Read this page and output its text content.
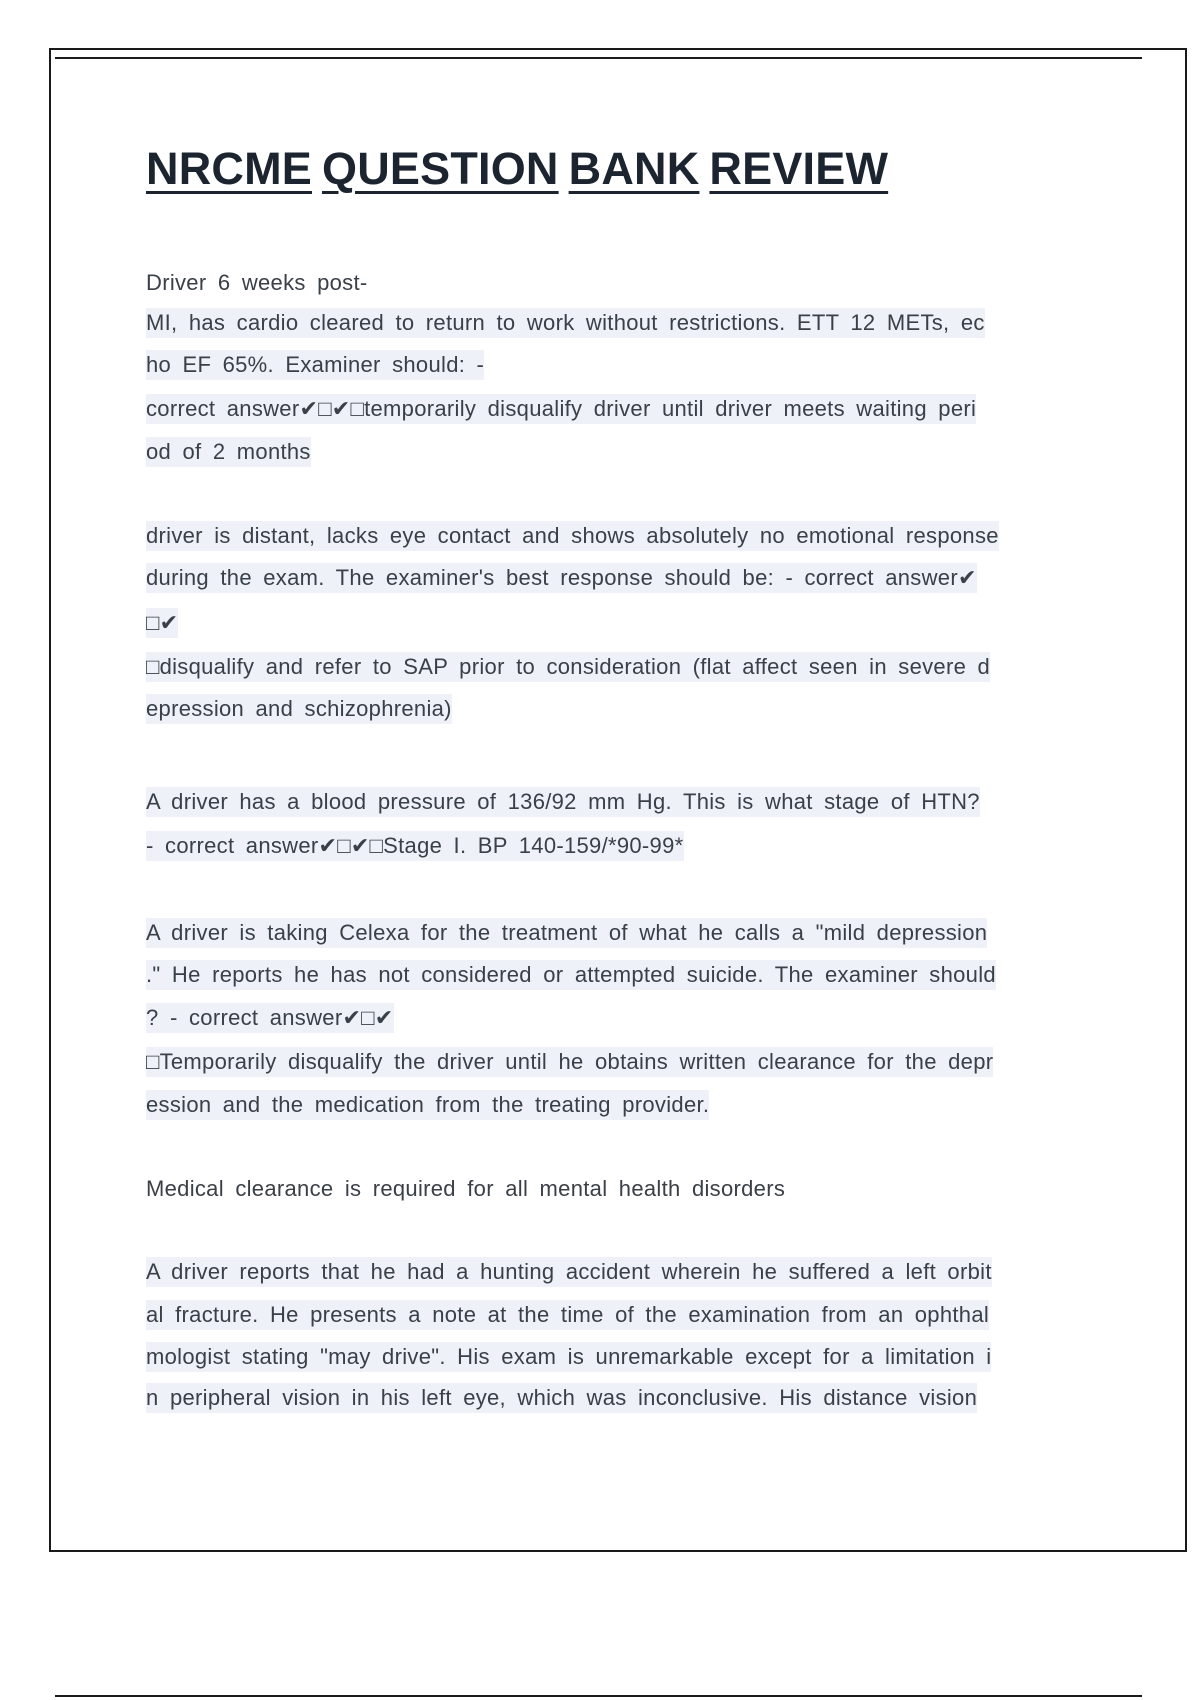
NRCME QUESTION BANK REVIEW
Driver 6 weeks post-
MI, has cardio cleared to return to work without restrictions. ETT 12 METs, ec
ho EF 65%. Examiner should: -
correct answer✔□✔□temporarily disqualify driver until driver meets waiting peri
od of 2 months
driver is distant, lacks eye contact and shows absolutely no emotional response
during the exam. The examiner's best response should be: - correct answer✔
□✔
□disqualify and refer to SAP prior to consideration (flat affect seen in severe d
epression and schizophrenia)
A driver has a blood pressure of 136/92 mm Hg. This is what stage of HTN?
- correct answer✔□✔□Stage I. BP 140-159/*90-99*
A driver is taking Celexa for the treatment of what he calls a "mild depression
." He reports he has not considered or attempted suicide. The examiner should
? - correct answer✔□✔
□Temporarily disqualify the driver until he obtains written clearance for the depr
ession and the medication from the treating provider.
Medical clearance is required for all mental health disorders
A driver reports that he had a hunting accident wherein he suffered a left orbit
al fracture. He presents a note at the time of the examination from an ophthal
mologist stating "may drive". His exam is unremarkable except for a limitation i
n peripheral vision in his left eye, which was inconclusive. His distance vision
